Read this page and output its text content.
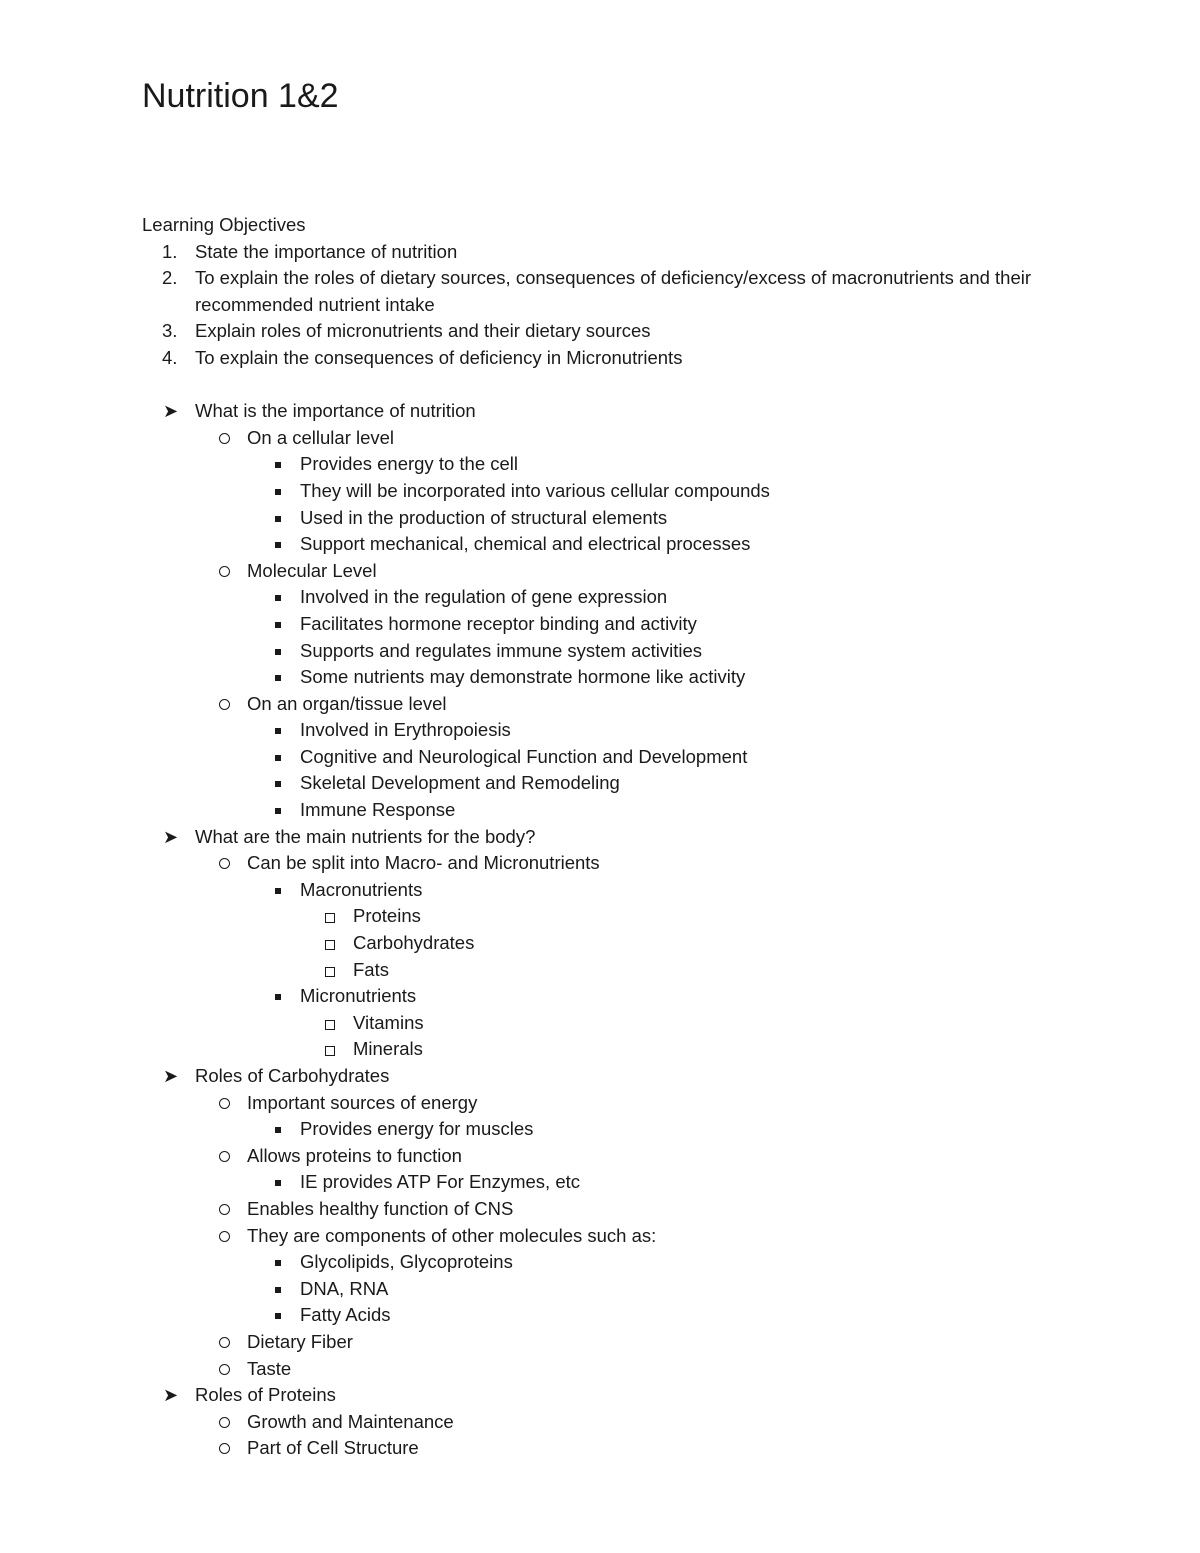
Nutrition 1&2
Learning Objectives
1. State the importance of nutrition
2. To explain the roles of dietary sources, consequences of deficiency/excess of macronutrients and their recommended nutrient intake
3. Explain roles of micronutrients and their dietary sources
4. To explain the consequences of deficiency in Micronutrients
➤ What is the importance of nutrition
On a cellular level
Provides energy to the cell
They will be incorporated into various cellular compounds
Used in the production of structural elements
Support mechanical, chemical and electrical processes
Molecular Level
Involved in the regulation of gene expression
Facilitates hormone receptor binding and activity
Supports and regulates immune system activities
Some nutrients may demonstrate hormone like activity
On an organ/tissue level
Involved in Erythropoiesis
Cognitive and Neurological Function and Development
Skeletal Development and Remodeling
Immune Response
➤ What are the main nutrients for the body?
Can be split into Macro- and Micronutrients
Macronutrients
Proteins
Carbohydrates
Fats
Micronutrients
Vitamins
Minerals
➤ Roles of Carbohydrates
Important sources of energy
Provides energy for muscles
Allows proteins to function
IE provides ATP For Enzymes, etc
Enables healthy function of CNS
They are components of other molecules such as:
Glycolipids, Glycoproteins
DNA, RNA
Fatty Acids
Dietary Fiber
Taste
➤ Roles of Proteins
Growth and Maintenance
Part of Cell Structure
